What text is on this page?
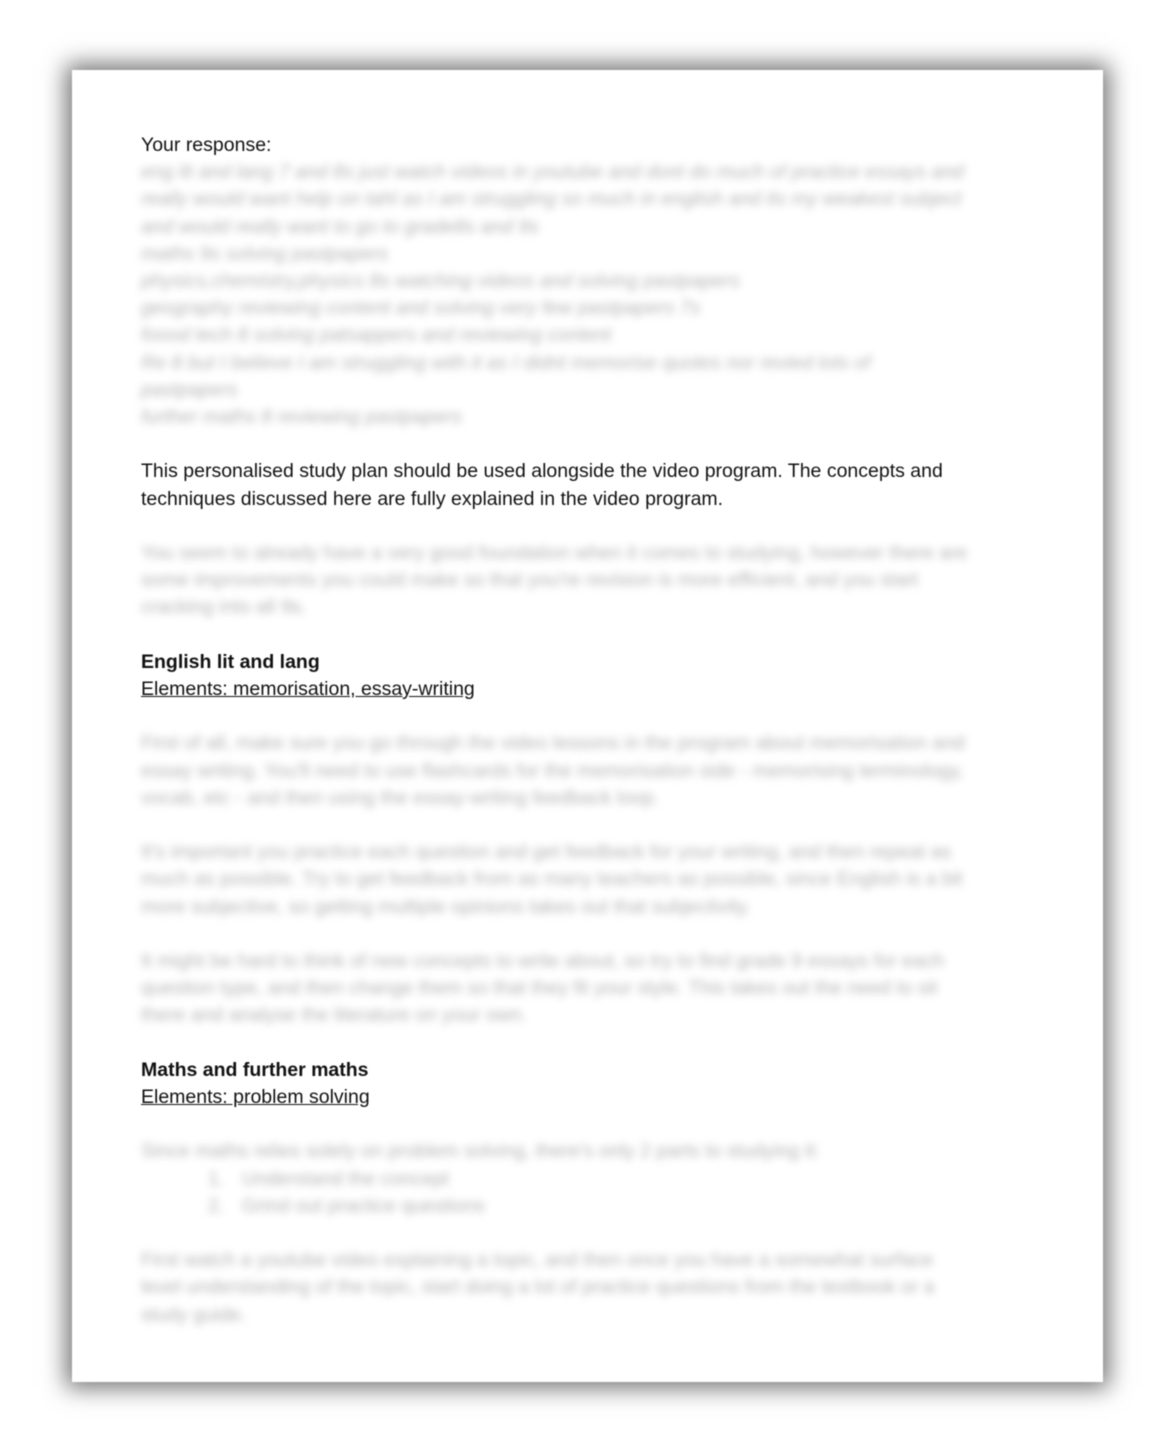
Your response:
eng lit and lang 7 and 8s just watch videos in youtube and dont do much of practice essays and
really would want help on tahl as I am struggling so much in english and its my weakest subject
and would really want to go to grade8s and 9s
maths 9s solving pastpapers
physics,chemistry,physics 8s watching videos and solving pastpapers
geography reviewing content and solving very few pastpapers 7s
foood tech 8 solving patsappers and reviewing content
Re 8 but I believe I am struggling with it as I didnt memorise quotes nor revied lots of
pastpapers
further maths 8 reviewing pastpapers
This personalised study plan should be used alongside the video program. The concepts and
techniques discussed here are fully explained in the video program.
You seem to already have a very good foundation when it comes to studying, however there are
some improvements you could make so that you're revision is more efficient, and you start
cracking into all 9s.
English lit and lang
Elements: memorisation, essay-writing
First of all, make sure you go through the video lessons in the program about memorisation and
essay writing. You'll need to use flashcards for the memorisation side - memorising terminology,
vocab, etc - and then using the essay-writing feedback loop.
It's important you practice each question and get feedback for your writing, and then repeat as
much as possible. Try to get feedback from as many teachers as possible, since English is a bit
more subjective, so getting multiple opinions takes out that subjectivity.
It might be hard to think of new concepts to write about, so try to find grade 9 essays for each
question type, and then change them so that they fit your style. This takes out the need to sit
there and analyse the literature on your own.
Maths and further maths
Elements: problem solving
Since maths relies solely on problem solving, there's only 2 parts to studying it:
1. Understand the concept
2. Grind out practice questions
First watch a youtube video explaining a topic, and then once you have a somewhat surface
level understanding of the topic, start doing a lot of practice questions from the textbook or a
study guide.
